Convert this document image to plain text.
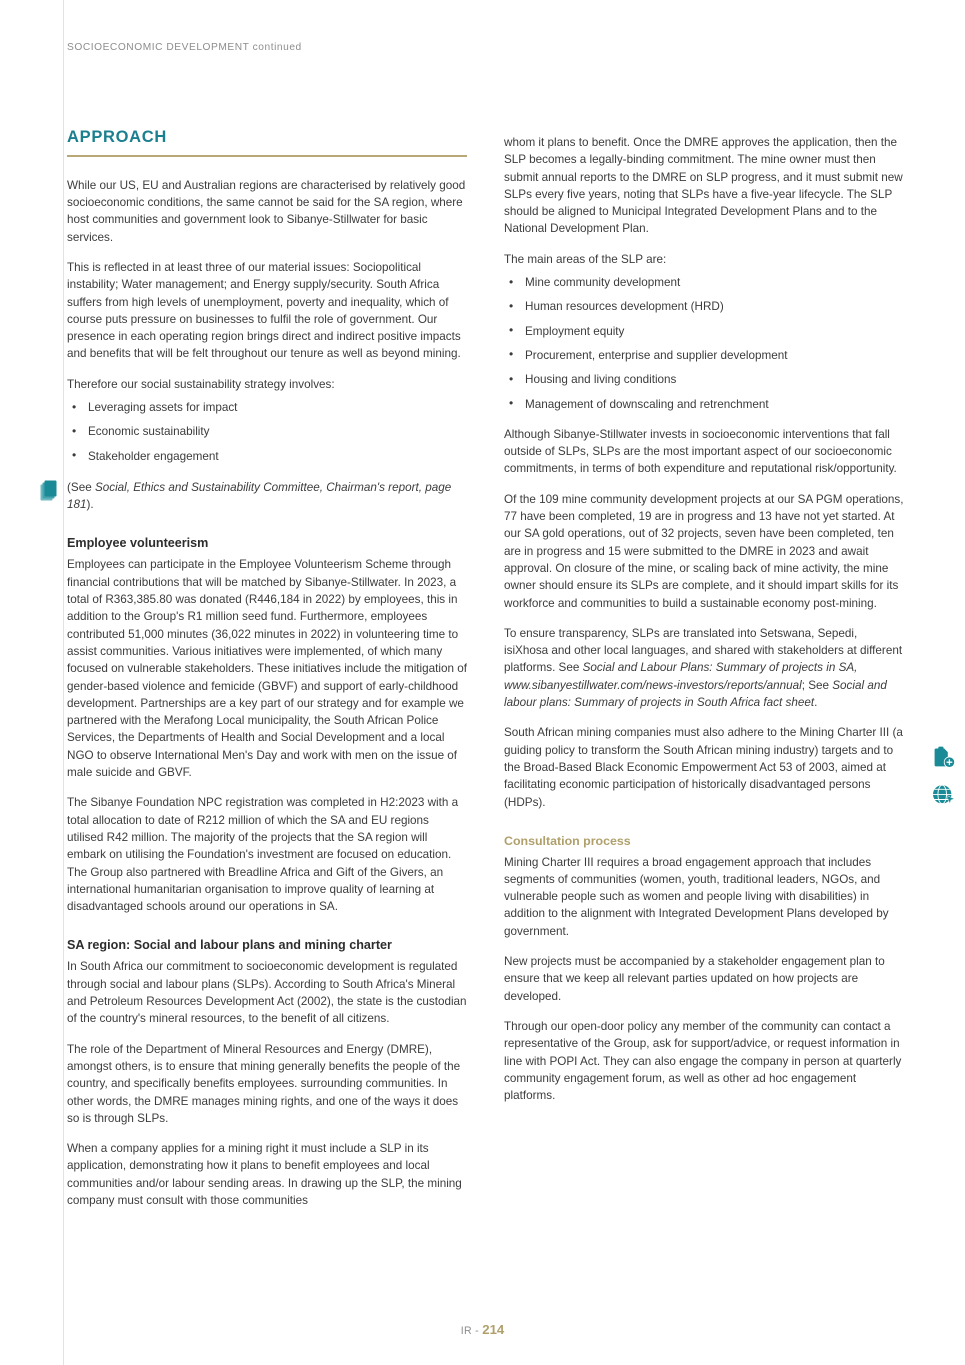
SOCIOECONOMIC DEVELOPMENT continued
APPROACH

While our US, EU and Australian regions are characterised by relatively good socioeconomic conditions, the same cannot be said for the SA region, where host communities and government look to Sibanye-Stillwater for basic services.

This is reflected in at least three of our material issues: Sociopolitical instability; Water management; and Energy supply/security. South Africa suffers from high levels of unemployment, poverty and inequality, which of course puts pressure on businesses to fulfil the role of government. Our presence in each operating region brings direct and indirect positive impacts and benefits that will be felt throughout our tenure as well as beyond mining.

Therefore our social sustainability strategy involves:

• Leveraging assets for impact
• Economic sustainability
• Stakeholder engagement

(See Social, Ethics and Sustainability Committee, Chairman's report, page 181).

Employee volunteerism

Employees can participate in the Employee Volunteerism Scheme through financial contributions that will be matched by Sibanye-Stillwater. In 2023, a total of R363,385.80 was donated (R446,184 in 2022) by employees, this in addition to the Group's R1 million seed fund. Furthermore, employees contributed 51,000 minutes (36,022 minutes in 2022) in volunteering time to assist communities. Various initiatives were implemented, of which many focused on vulnerable stakeholders. These initiatives include the mitigation of gender-based violence and femicide (GBVF) and support of early-childhood development. Partnerships are a key part of our strategy and for example we partnered with the Merafong Local municipality, the South African Police Services, the Departments of Health and Social Development and a local NGO to observe International Men's Day and work with men on the issue of male suicide and GBVF.

The Sibanye Foundation NPC registration was completed in H2:2023 with a total allocation to date of R212 million of which the SA and EU regions utilised R42 million. The majority of the projects that the SA region will embark on utilising the Foundation's investment are focused on education. The Group also partnered with Breadline Africa and Gift of the Givers, an international humanitarian organisation to improve quality of learning at disadvantaged schools around our operations in SA.

SA region: Social and labour plans and mining charter

In South Africa our commitment to socioeconomic development is regulated through social and labour plans (SLPs). According to South Africa's Mineral and Petroleum Resources Development Act (2002), the state is the custodian of the country's mineral resources, to the benefit of all citizens.

The role of the Department of Mineral Resources and Energy (DMRE), amongst others, is to ensure that mining generally benefits the people of the country, and specifically benefits employees. surrounding communities. In other words, the DMRE manages mining rights, and one of the ways it does so is through SLPs.

When a company applies for a mining right it must include a SLP in its application, demonstrating how it plans to benefit employees and local communities and/or labour sending areas. In drawing up the SLP, the mining company must consult with those communities

whom it plans to benefit. Once the DMRE approves the application, then the SLP becomes a legally-binding commitment. The mine owner must then submit annual reports to the DMRE on SLP progress, and it must submit new SLPs every five years, noting that SLPs have a five-year lifecycle. The SLP should be aligned to Municipal Integrated Development Plans and to the National Development Plan.

The main areas of the SLP are:

• Mine community development
• Human resources development (HRD)
• Employment equity
• Procurement, enterprise and supplier development
• Housing and living conditions
• Management of downscaling and retrenchment

Although Sibanye-Stillwater invests in socioeconomic interventions that fall outside of SLPs, SLPs are the most important aspect of our socioeconomic commitments, in terms of both expenditure and reputational risk/opportunity.

Of the 109 mine community development projects at our SA PGM operations, 77 have been completed, 19 are in progress and 13 have not yet started. At our SA gold operations, out of 32 projects, seven have been completed, ten are in progress and 15 were submitted to the DMRE in 2023 and await approval. On closure of the mine, or scaling back of mine activity, the mine owner should ensure its SLPs are complete, and it should impart skills for its workforce and communities to build a sustainable economy post-mining.

To ensure transparency, SLPs are translated into Setswana, Sepedi, isiXhosa and other local languages, and shared with stakeholders at different platforms. See Social and Labour Plans: Summary of projects in SA, www.sibanyestillwater.com/news-investors/reports/annual; See Social and labour plans: Summary of projects in South Africa fact sheet.

South African mining companies must also adhere to the Mining Charter III (a guiding policy to transform the South African mining industry) targets and to the Broad-Based Black Economic Empowerment Act 53 of 2003, aimed at facilitating economic participation of historically disadvantaged persons (HDPs).

Consultation process

Mining Charter III requires a broad engagement approach that includes segments of communities (women, youth, traditional leaders, NGOs, and vulnerable people such as women and people living with disabilities) in addition to the alignment with Integrated Development Plans developed by government.

New projects must be accompanied by a stakeholder engagement plan to ensure that we keep all relevant parties updated on how projects are developed.

Through our open-door policy any member of the community can contact a representative of the Group, ask for support/advice, or request information in line with POPI Act. They can also engage the company in person at quarterly community engagement forum, as well as other ad hoc engagement platforms.

IR - 214
